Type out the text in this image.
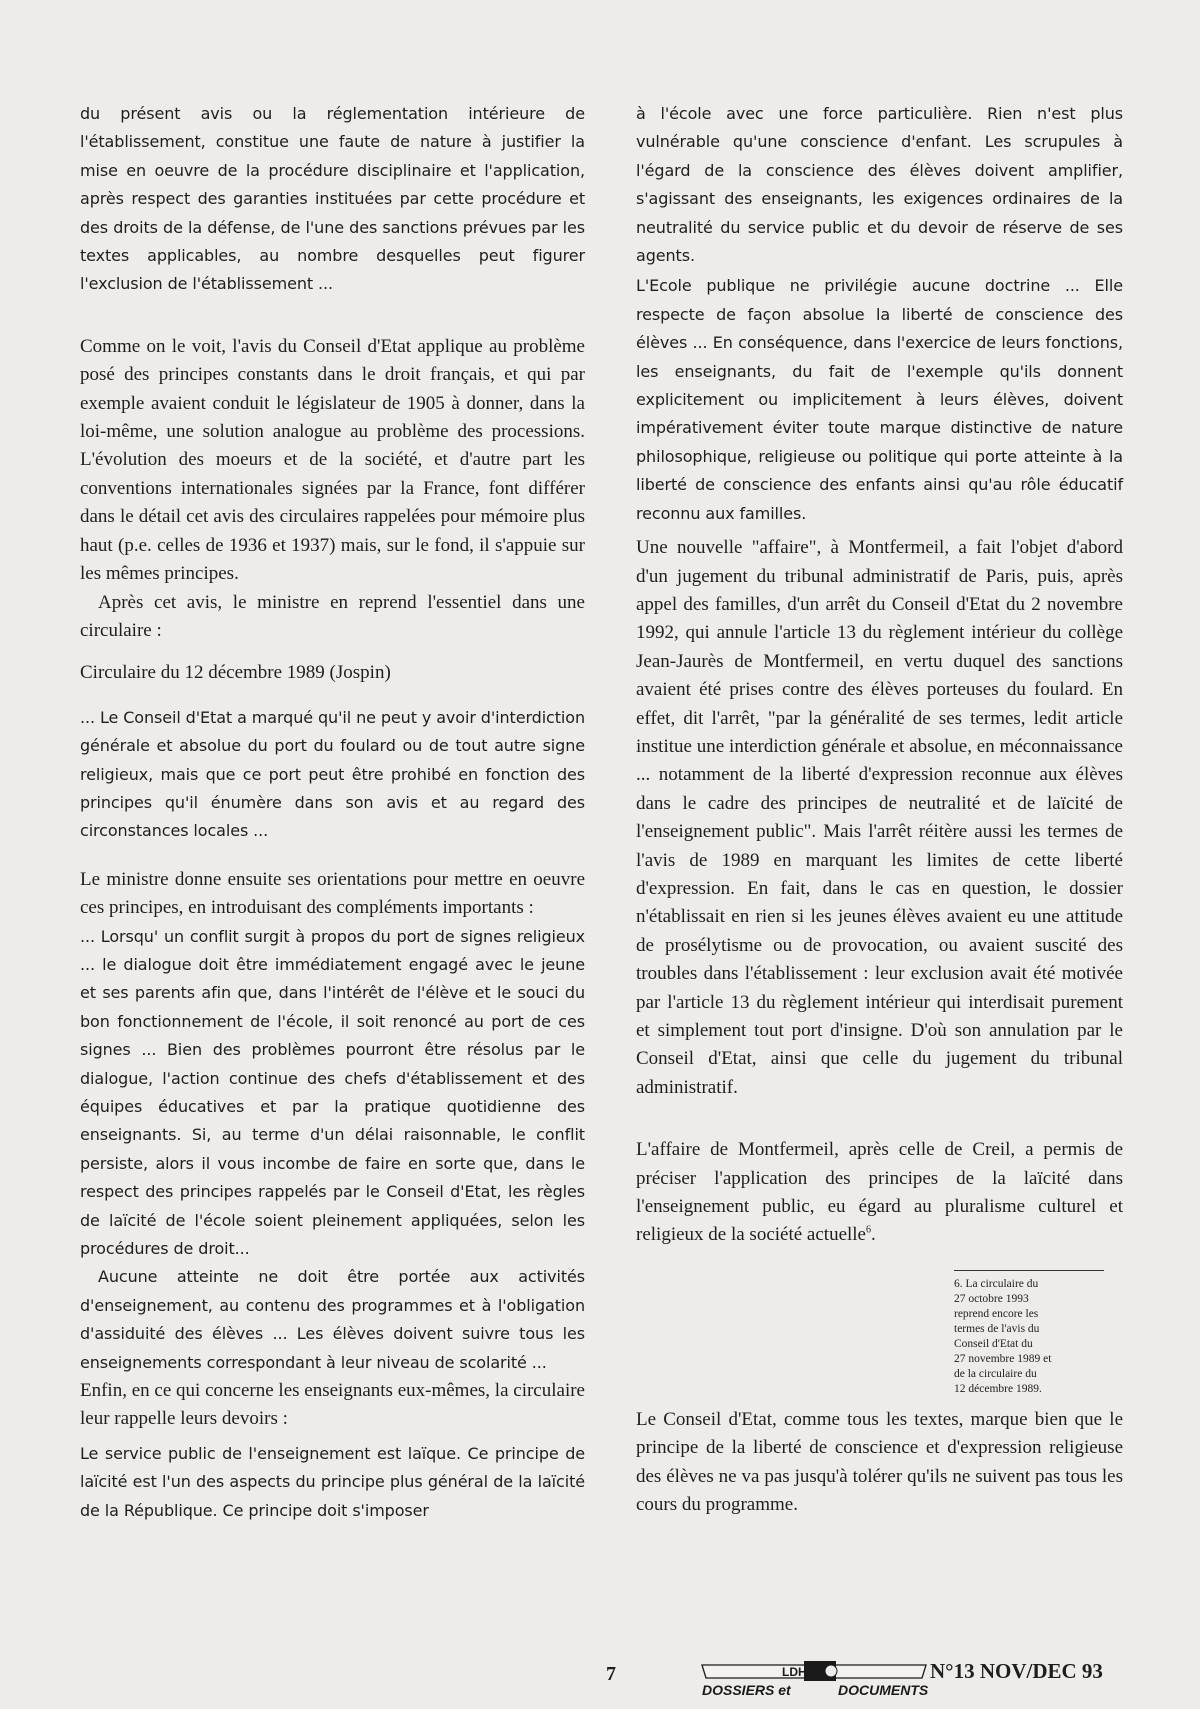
du présent avis ou la réglementation intérieure de l'établissement, constitue une faute de nature à justifier la mise en oeuvre de la procédure disciplinaire et l'application, après respect des garanties instituées par cette procédure et des droits de la défense, de l'une des sanctions prévues par les textes applicables, au nombre desquelles peut figurer l'exclusion de l'établissement ...

Comme on le voit, l'avis du Conseil d'Etat applique au problème posé des principes constants dans le droit français, et qui par exemple avaient conduit le législateur de 1905 à donner, dans la loi-même, une solution analogue au problème des processions. L'évolution des moeurs et de la société, et d'autre part les conventions internationales signées par la France, font différer dans le détail cet avis des circulaires rappelées pour mémoire plus haut (p.e. celles de 1936 et 1937) mais, sur le fond, il s'appuie sur les mêmes principes.

Après cet avis, le ministre en reprend l'essentiel dans une circulaire :

Circulaire du 12 décembre 1989 (Jospin)

... Le Conseil d'Etat a marqué qu'il ne peut y avoir d'interdiction générale et absolue du port du foulard ou de tout autre signe religieux, mais que ce port peut être prohibé en fonction des principes qu'il énumère dans son avis et au regard des circonstances locales ...

Le ministre donne ensuite ses orientations pour mettre en oeuvre ces principes, en introduisant des compléments importants :

... Lorsqu' un conflit surgit à propos du port de signes religieux ... le dialogue doit être immédiatement engagé avec le jeune et ses parents afin que, dans l'intérêt de l'élève et le souci du bon fonctionnement de l'école, il soit renoncé au port de ces signes ... Bien des problèmes pourront être résolus par le dialogue, l'action continue des chefs d'établissement et des équipes éducatives et par la pratique quotidienne des enseignants. Si, au terme d'un délai raisonnable, le conflit persiste, alors il vous incombe de faire en sorte que, dans le respect des principes rappelés par le Conseil d'Etat, les règles de laïcité de l'école soient pleinement appliquées, selon les procédures de droit...

Aucune atteinte ne doit être portée aux activités d'enseignement, au contenu des programmes et à l'obligation d'assiduité des élèves ... Les élèves doivent suivre tous les enseignements correspondant à leur niveau de scolarité ...

Enfin, en ce qui concerne les enseignants eux-mêmes, la circulaire leur rappelle leurs devoirs :

Le service public de l'enseignement est laïque. Ce principe de laïcité est l'un des aspects du principe plus général de la laïcité de la République. Ce principe doit s'imposer

à l'école avec une force particulière. Rien n'est plus vulnérable qu'une conscience d'enfant. Les scrupules à l'égard de la conscience des élèves doivent amplifier, s'agissant des enseignants, les exigences ordinaires de la neutralité du service public et du devoir de réserve de ses agents.

L'Ecole publique ne privilégie aucune doctrine ... Elle respecte de façon absolue la liberté de conscience des élèves ... En conséquence, dans l'exercice de leurs fonctions, les enseignants, du fait de l'exemple qu'ils donnent explicitement ou implicitement à leurs élèves, doivent impérativement éviter toute marque distinctive de nature philosophique, religieuse ou politique qui porte atteinte à la liberté de conscience des enfants ainsi qu'au rôle éducatif reconnu aux familles.

Une nouvelle "affaire", à Montfermeil, a fait l'objet d'abord d'un jugement du tribunal administratif de Paris, puis, après appel des familles, d'un arrêt du Conseil d'Etat du 2 novembre 1992, qui annule l'article 13 du règlement intérieur du collège Jean-Jaurès de Montfermeil, en vertu duquel des sanctions avaient été prises contre des élèves porteuses du foulard. En effet, dit l'arrêt, "par la généralité de ses termes, ledit article institue une interdiction générale et absolue, en méconnaissance ... notamment de la liberté d'expression reconnue aux élèves dans le cadre des principes de neutralité et de laïcité de l'enseignement public". Mais l'arrêt réitère aussi les termes de l'avis de 1989 en marquant les limites de cette liberté d'expression. En fait, dans le cas en question, le dossier n'établissait en rien si les jeunes élèves avaient eu une attitude de prosélytisme ou de provocation, ou avaient suscité des troubles dans l'établissement : leur exclusion avait été motivée par l'article 13 du règlement intérieur qui interdisait purement et simplement tout port d'insigne. D'où son annulation par le Conseil d'Etat, ainsi que celle du jugement du tribunal administratif.

L'affaire de Montfermeil, après celle de Creil, a permis de préciser l'application des principes de la laïcité dans l'enseignement public, eu égard au pluralisme culturel et religieux de la société actuelle$^6$.

Le Conseil d'Etat, comme tous les textes, marque bien que le principe de la liberté de conscience et d'expression religieuse des élèves ne va pas jusqu'à tolérer qu'ils ne suivent pas tous les cours du programme.

6. La circulaire du
27 octobre 1993
reprend encore les
termes de l'avis du
Conseil d'Etat du
27 novembre 1989 et
de la circulaire du
12 décembre 1989.
7	LDH
DOSSIERS et	DOCUMENTS
N°13 NOV/DEC 93
